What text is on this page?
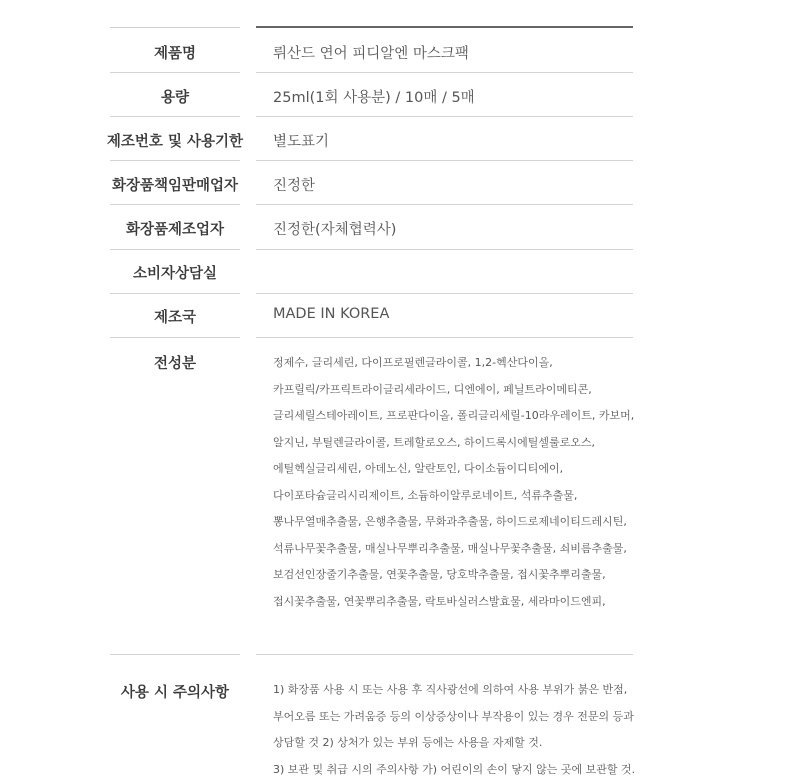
제품명	뤼산드 연어 피디알엔 마스크팩
용량	25ml(1회 사용분) / 10매 / 5매
제조번호 및 사용기한	별도표기
화장품책임판매업자	진정한
화장품제조업자	진정한(자체협력사)
소비자상담실
제조국	MADE IN KOREA
전성분	정제수, 글리세린, 다이프로필렌글라이콜, 1,2-헥산다이올,
카프릴릭/카프릭트라이글리세라이드, 디엔에이, 페닐트라이메티콘,
글리세릴스테아레이트, 프로판다이올, 폴리글리세릴-10라우레이트, 카보머,
알지닌, 부틸렌글라이콜, 트레할로오스, 하이드록시에틸셀룰로오스,
에틸헥실글리세린, 아데노신, 알란토인, 다이소듐이디티에이,
다이포타슘글리시리제이트, 소듐하이알루로네이트, 석류추출물,
뽕나무열매추출물, 은행추출물, 무화과추출물, 하이드로제네이티드레시틴,
석류나무꽃추출물, 매실나무뿌리추출물, 매실나무꽃추출물, 쇠비름추출물,
보검선인장줄기추출물, 연꽃추출물, 당호박추출물, 접시꽃추뿌리출물,
접시꽃추출물, 연꽃뿌리추출물, 락토바실러스발효물, 세라마이드엔피,
사용 시 주의사항	1) 화장품 사용 시 또는 사용 후 직사광선에 의하여 사용 부위가 붉은 반점,
부어오름 또는 가려움증 등의 이상증상이나 부작용이 있는 경우 전문의 등과
상담할 것 2) 상처가 있는 부위 등에는 사용을 자제할 것.
3) 보관 및 취급 시의 주의사항 가) 어린이의 손이 닿지 않는 곳에 보관할 것.
